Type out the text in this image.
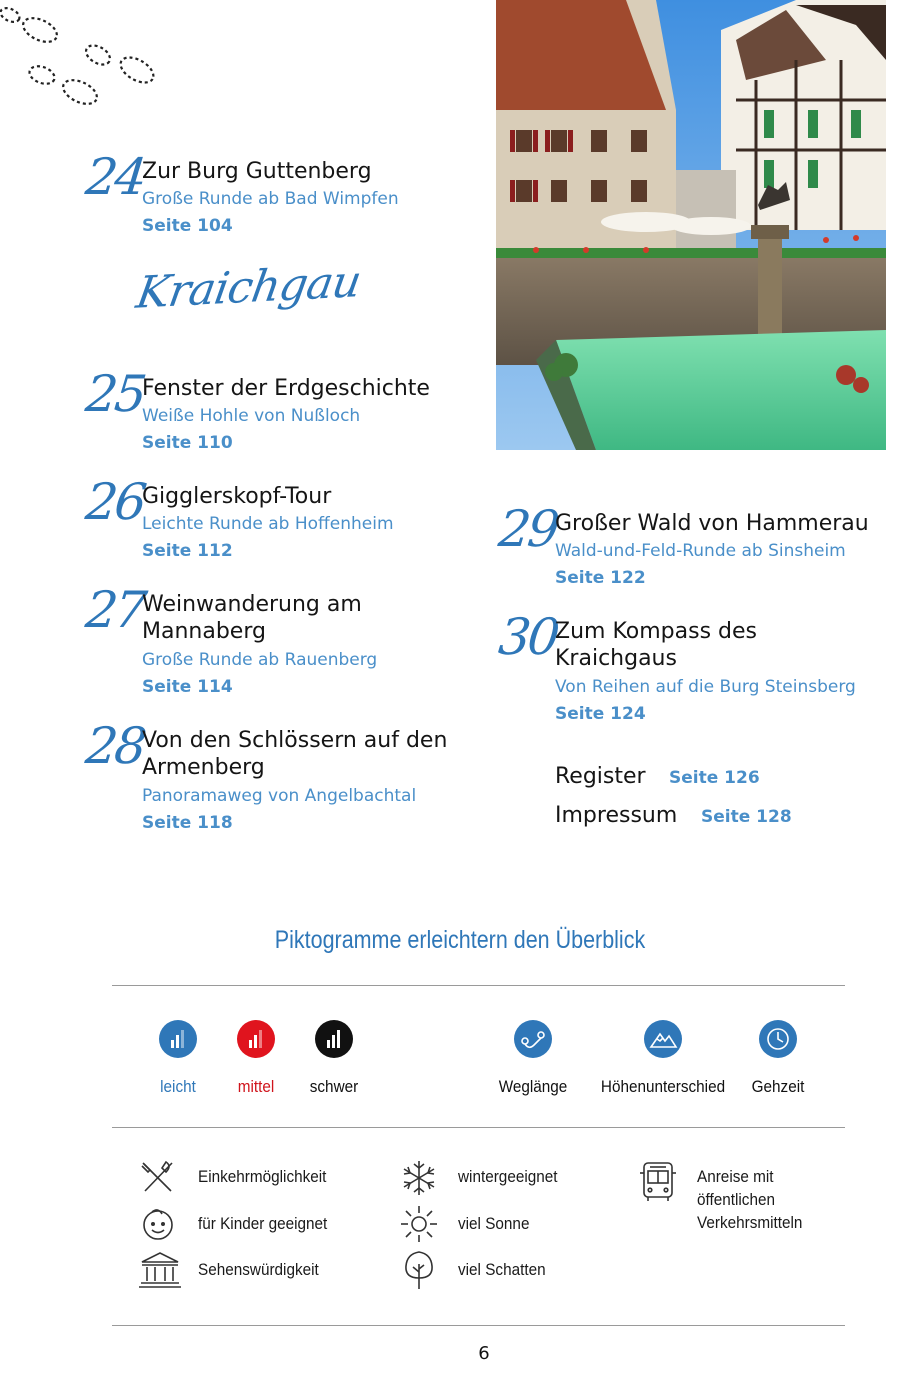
24
Zur Burg Guttenberg
Große Runde ab Bad Wimpfen
Seite 104
Kraichgau
25
Fenster der Erdgeschichte
Weiße Hohle von Nußloch
Seite 110
26
Gigglerskopf-Tour
Leichte Runde ab Hoffenheim
Seite 112
27
Weinwanderung am
Mannaberg
Große Runde ab Rauenberg
Seite 114
28
Von den Schlössern auf den
Armenberg
Panoramaweg von Angelbachtal
Seite 118
29
Großer Wald von Hammerau
Wald-und-Feld-Runde ab Sinsheim
Seite 122
30
Zum Kompass des
Kraichgaus
Von Reihen auf die Burg Steinsberg
Seite 124
Register Seite 126
Impressum Seite 128
Piktogramme erleichtern den Überblick
leicht	mittel	schwer	Weglänge	Höhenunterschied	Gehzeit
Einkehrmöglichkeit
für Kinder geeignet
Sehenswürdigkeit
wintergeeignet
viel Sonne
viel Schatten
Anreise mit
öffentlichen
Verkehrsmitteln
6
